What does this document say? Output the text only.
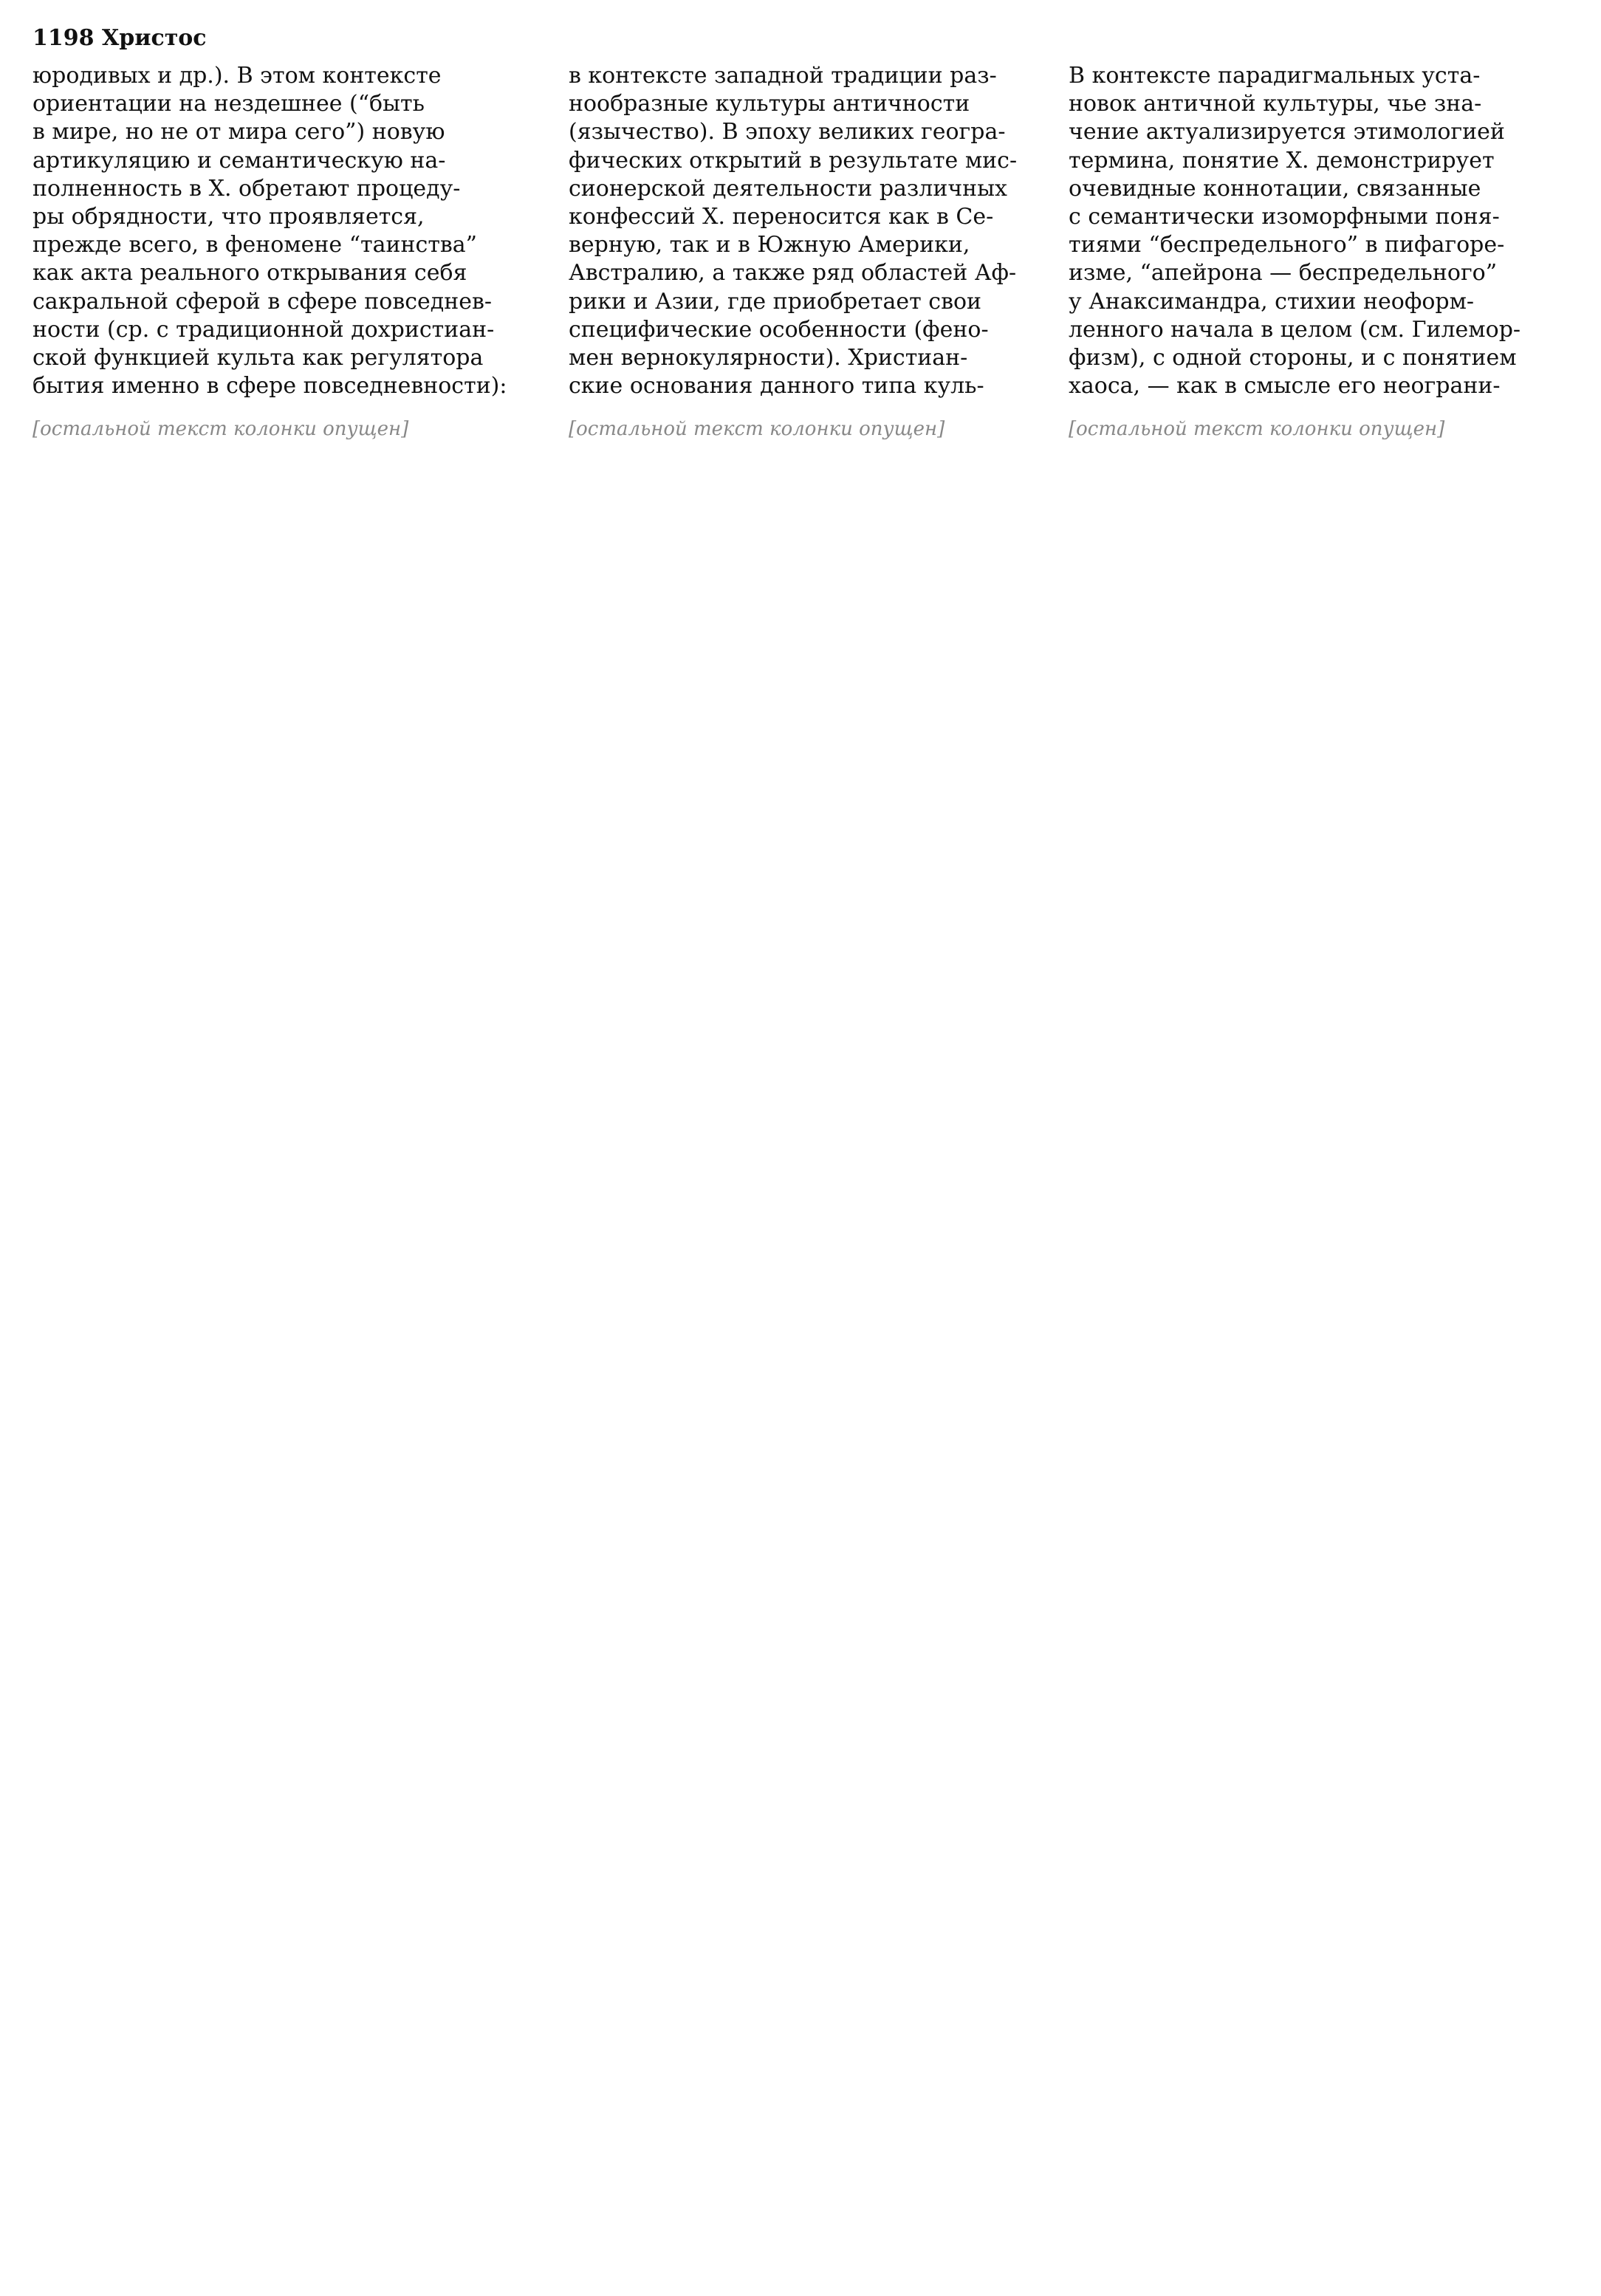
1198 Христос
юродивых и др.). В этом контексте
ориентации на нездешнее (“быть
в мире, но не от мира сего”) новую
артикуляцию и семантическую на-
полненность в Х. обретают процеду-
ры обрядности, что проявляется,
прежде всего, в феномене “таинства”
как акта реального открывания себя
сакральной сферой в сфере повседнев-
ности (ср. с традиционной дохристиан-
ской функцией культа как регулятора
бытия именно в сфере повседневности):
[остальной текст колонки опущен]
в контексте западной традиции раз-
нообразные культуры античности
(язычество). В эпоху великих геогра-
фических открытий в результате мис-
сионерской деятельности различных
конфессий Х. переносится как в Се-
верную, так и в Южную Америки,
Австралию, а также ряд областей Аф-
рики и Азии, где приобретает свои
специфические особенности (фено-
мен вернокулярности). Христиан-
ские основания данного типа куль-
[остальной текст колонки опущен]
В контексте парадигмальных уста-
новок античной культуры, чье зна-
чение актуализируется этимологией
термина, понятие Х. демонстрирует
очевидные коннотации, связанные
с семантически изоморфными поня-
тиями “беспредельного” в пифагоре-
изме, “апейрона — беспредельного”
у Анаксимандра, стихии неоформ-
ленного начала в целом (см. Гилемор-
физм), с одной стороны, и с понятием
хаоса, — как в смысле его неограни-
[остальной текст колонки опущен]
